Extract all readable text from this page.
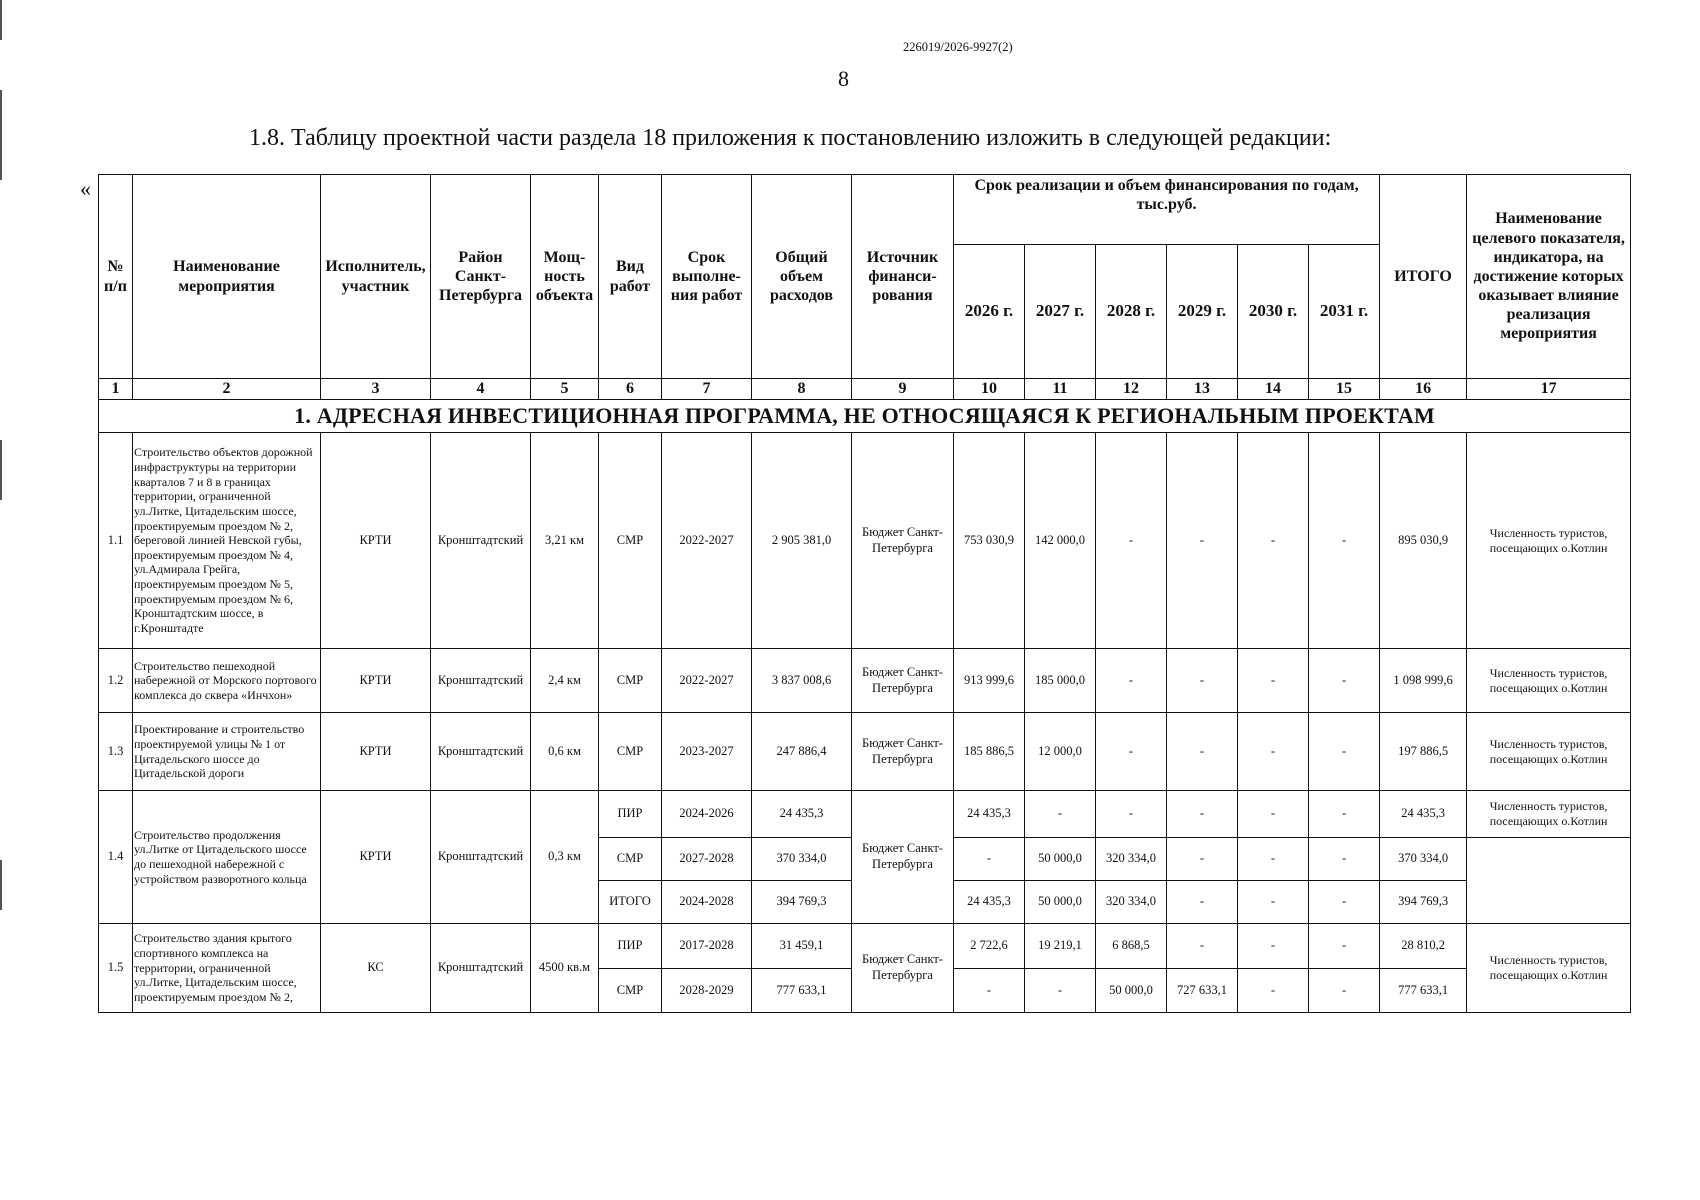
226019/2026-9927(2)
8
1.8. Таблицу проектной части раздела 18 приложения к постановлению изложить в следующей редакции:
«
№ п/п	Наименование мероприятия	Исполнитель, участник	Район Санкт-Петербурга	Мощ-ность объекта	Вид работ	Срок выполне-ния работ	Общий объем расходов	Источник финанси-рования	Срок реализации и объем финансирования по годам, тыс.руб.						ИТОГО	Наименование целевого показателя, индикатора, на достижение которых оказывает влияние реализация мероприятия
									2026 г.	2027 г.	2028 г.	2029 г.	2030 г.	2031 г.		
1	2	3	4	5	6	7	8	9	10	11	12	13	14	15	16	17
1. АДРЕСНАЯ ИНВЕСТИЦИОННАЯ ПРОГРАММА, НЕ ОТНОСЯЩАЯСЯ К РЕГИОНАЛЬНЫМ ПРОЕКТАМ																
1.1	Строительство объектов дорожной инфраструктуры на территории кварталов 7 и 8 в границах территории, ограниченной ул.Литке, Цитадельским шоссе, проектируемым проездом № 2, береговой линией Невской губы, проектируемым проездом № 4, ул.Адмирала Грейга, проектируемым проездом № 5, проектируемым проездом № 6, Кронштадтским шоссе, в г.Кронштадте	КРТИ	Кронштадтский	3,21 км	СМР	2022-2027	2 905 381,0	Бюджет Санкт-Петербурга	753 030,9	142 000,0	-	-	-	-	895 030,9	Численность туристов, посещающих о.Котлин
1.2	Строительство пешеходной набережной от Морского портового комплекса до сквера «Инчхон»	КРТИ	Кронштадтский	2,4 км	СМР	2022-2027	3 837 008,6	Бюджет Санкт-Петербурга	913 999,6	185 000,0	-	-	-	-	1 098 999,6	Численность туристов, посещающих о.Котлин
1.3	Проектирование и строительство проектируемой улицы № 1 от Цитадельского шоссе до Цитадельской дороги	КРТИ	Кронштадтский	0,6 км	СМР	2023-2027	247 886,4	Бюджет Санкт-Петербурга	185 886,5	12 000,0	-	-	-	-	197 886,5	Численность туристов, посещающих о.Котлин
1.4	Строительство продолжения ул.Литке от Цитадельского шоссе до пешеходной набережной с устройством разворотного кольца	КРТИ	Кронштадтский	0,3 км	ПИР	2024-2026	24 435,3	Бюджет Санкт-Петербурга	24 435,3	-	-	-	-	-	24 435,3	Численность туристов, посещающих о.Котлин
					СМР	2027-2028	370 334,0		-	50 000,0	320 334,0	-	-	-	370 334,0	
					ИТОГО	2024-2028	394 769,3		24 435,3	50 000,0	320 334,0	-	-	-	394 769,3	
1.5	Строительство здания крытого спортивного комплекса на территории, ограниченной ул.Литке, Цитадельским шоссе, проектируемым проездом № 2,	КС	Кронштадтский	4500 кв.м	ПИР	2017-2028	31 459,1	Бюджет Санкт-Петербурга	2 722,6	19 219,1	6 868,5	-	-	-	28 810,2	Численность туристов, посещающих о.Котлин
					СМР	2028-2029	777 633,1		-	-	50 000,0	727 633,1	-	-	777 633,1	
